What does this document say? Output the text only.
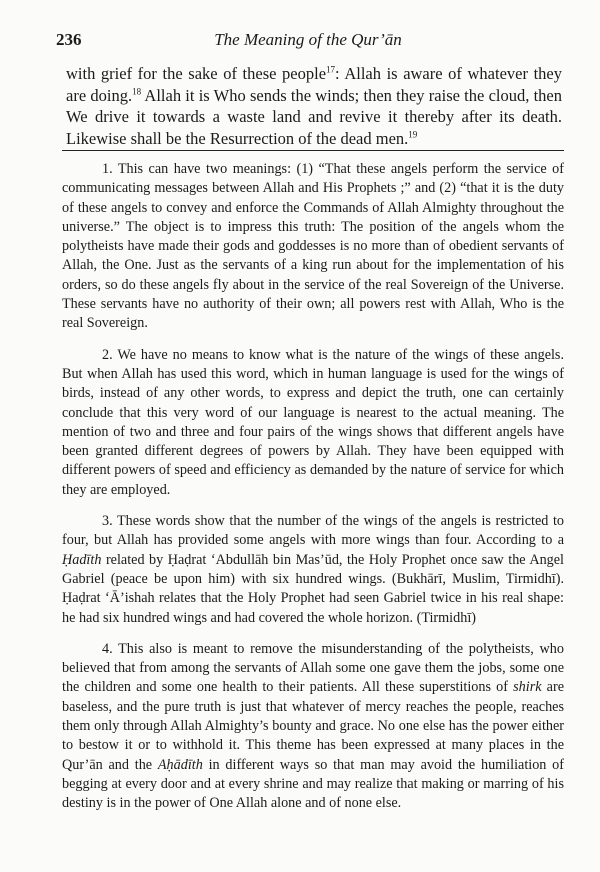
236	The Meaning of the Qur’ān

with grief for the sake of these people$^{17}$: Allah is aware of whatever they are doing.$^{18}$ Allah it is Who sends the winds; then they raise the cloud, then We drive it towards a waste land and revive it thereby after its death. Likewise shall be the Resurrection of the dead men.$^{19}$

1. This can have two meanings: (1) “That these angels perform the service of communicating messages between Allah and His Prophets ;” and (2) “that it is the duty of these angels to convey and enforce the Commands of Allah Almighty throughout the universe.” The object is to impress this truth: The position of the angels whom the polytheists have made their gods and goddesses is no more than of obedient servants of Allah, the One. Just as the servants of a king run about for the implementation of his orders, so do these angels fly about in the service of the real Sovereign of the Universe. These servants have no authority of their own; all powers rest with Allah, Who is the real Sovereign.

2. We have no means to know what is the nature of the wings of these angels. But when Allah has used this word, which in human language is used for the wings of birds, instead of any other words, to express and depict the truth, one can certainly conclude that this very word of our language is nearest to the actual meaning. The mention of two and three and four pairs of the wings shows that different angels have been granted different degrees of powers by Allah. They have been equipped with different powers of speed and efficiency as demanded by the nature of service for which they are employed.

3. These words show that the number of the wings of the angels is restricted to four, but Allah has provided some angels with more wings than four. According to a Ḥadīth related by Ḥaḍrat ‘Abdullāh bin Mas’ūd, the Holy Prophet once saw the Angel Gabriel (peace be upon him) with six hundred wings. (Bukhārī, Muslim, Tirmidhī). Ḥaḍrat ‘Ā’ishah relates that the Holy Prophet had seen Gabriel twice in his real shape: he had six hundred wings and had covered the whole horizon. (Tirmidhī)

4. This also is meant to remove the misunderstanding of the polytheists, who believed that from among the servants of Allah some one gave them the jobs, some one the children and some one health to their patients. All these superstitions of shirk are baseless, and the pure truth is just that whatever of mercy reaches the people, reaches them only through Allah Almighty’s bounty and grace. No one else has the power either to bestow it or to withhold it. This theme has been expressed at many places in the Qur’ān and the Aḥādīth in different ways so that man may avoid the humiliation of begging at every door and at every shrine and may realize that making or marring of his destiny is in the power of One Allah alone and of none else.
